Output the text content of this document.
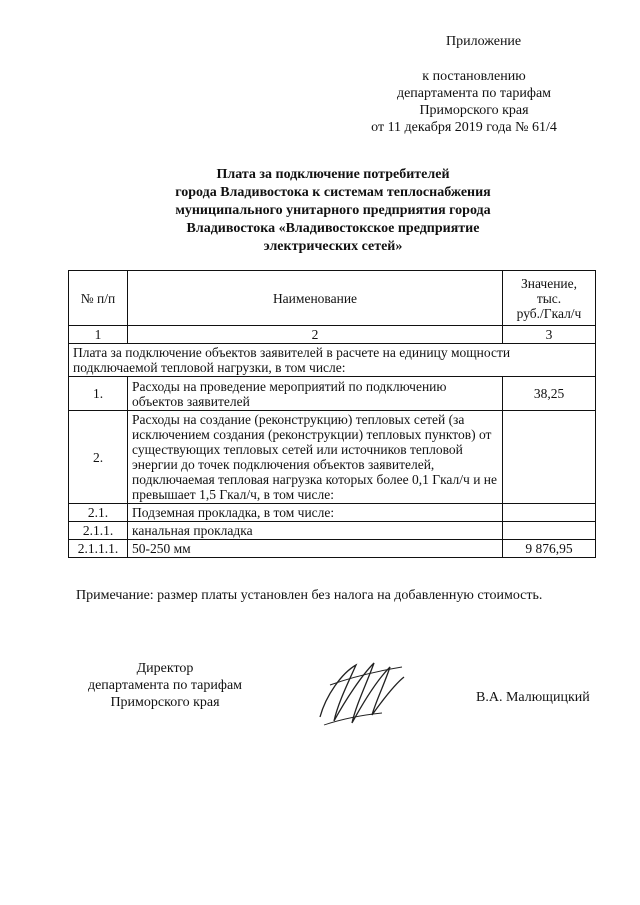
Приложение
к постановлению
департамента по тарифам
Приморского края
от 11 декабря 2019 года № 61/4
Плата за подключение потребителей
города Владивостока к системам теплоснабжения
муниципального унитарного предприятия города
Владивостока «Владивостокское предприятие
электрических сетей»
№ п/п	Наименование	Значение,
тыс.
руб./Гкал/ч

1	2	3
Плата за подключение объектов заявителей в расчете на единицу мощности подключаемой тепловой нагрузки, в том числе:		
1.	Расходы на проведение мероприятий по подключению объектов заявителей	38,25
2.	Расходы на создание (реконструкцию) тепловых сетей (за исключением создания (реконструкции) тепловых пунктов) от существующих тепловых сетей или источников тепловой энергии до точек подключения объектов заявителей, подключаемая тепловая нагрузка которых более 0,1 Гкал/ч и не превышает 1,5 Гкал/ч, в том числе:	
2.1.	Подземная прокладка, в том числе:	
2.1.1.	канальная прокладка	
2.1.1.1.	50-250 мм	9 876,95
Примечание: размер платы установлен без налога на добавленную стоимость.
Директор
департамента по тарифам
Приморского края	В.А. Малющицкий
